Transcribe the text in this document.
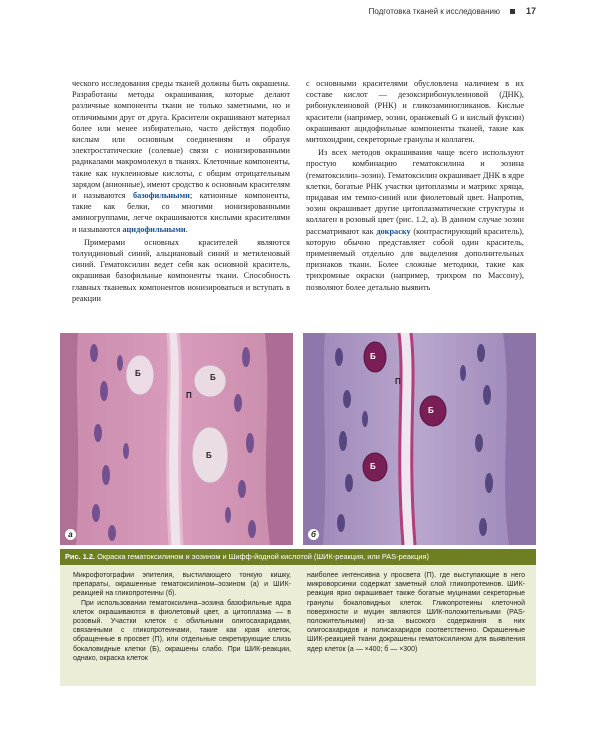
Подготовка тканей к исследованию	17

ческого исследования среды тканей должны быть окрашены. Разработаны методы окрашивания, которые делают различные компоненты ткани не только заметными, но и отличимыми друг от друга. Красители окрашивают материал более или менее избирательно, часто действуя подобно кислым или основным соединениям и образуя электростатические (солевые) связи с ионизированными радикалами макромолекул в тканях. Клеточные компоненты, такие как нуклеиновые кислоты, с общим отрицательным зарядом (анионные), имеют сродство к основным красителям и называются базофильными; катионные компоненты, такие как белки, со многими ионизированными аминогруппами, легче окрашиваются кислыми красителями и называются ацидофильными.

Примерами основных красителей являются толуидиновый синий, альциановый синий и метиленовый синий. Гематоксилин ведет себя как основной краситель, окрашивая базофильные компоненты ткани. Способность главных тканевых компонентов ионизироваться и вступать в реакции

с основными красителями обусловлена наличием в их составе кислот — дезоксирибонуклеиновой (ДНК), рибонуклеиновой (РНК) и гликозаминогликанов. Кислые красители (например, эозин, оранжевый G и кислый фуксин) окрашивают ацидофильные компоненты тканей, такие как митохондрии, секреторные гранулы и коллаген.

Из всех методов окрашивания чаще всего используют простую комбинацию гематоксилина и эозина (гематоксилин–эозин). Гематоксилин окрашивает ДНК в ядре клетки, богатые РНК участки цитоплазмы и матрикс хряща, придавая им темно-синий или фиолетовый цвет. Напротив, эозин окрашивает другие цитоплазматические структуры и коллаген в розовый цвет (рис. 1.2, а). В данном случае эозин рассматривают как докраску (контрастирующий краситель), которую обычно представляет собой один краситель, применяемый отдельно для выделения дополнительных признаков ткани. Более сложные методики, такие как трихромные окраски (например, трихром по Массону), позволяют более детально выявить

Б	Б
Б
П
а
Б
Б
Б
П
б
Рис. 1.2. Окраска гематоксилином и эозином и Шифф-йодной кислотой (ШИК-реакция, или PAS-реакция)

Микрофотографии эпителия, выстилающего тонкую кишку, препараты, окрашенные гематоксилином–эозином (а) и ШИК-реакцией на гликопротеины (б).

При использовании гематоксилина–эозина базофильные ядра клеток окрашиваются в фиолетовый цвет, а цитоплазма — в розовый. Участки клеток с обильными олигосахаридами, связанными с гликопротеинами, такие как края клеток, обращенные в просвет (П), или отдельные секретирующие слизь бокаловидные клетки (Б), окрашены слабо. При ШИК-реакции, однако, окраска клеток

наиболее интенсивна у просвета (П), где выступающие в него микроворсинки содержат заметный слой гликопротеинов. ШИК-реакция ярко окрашивает также богатые муцинами секреторные гранулы бокаловидных клеток. Гликопротеины клеточной поверхности и муцин являются ШИК-положительными (PAS-положительными) из-за высокого содержания в них олигосахаридов и полисахаридов соответственно. Окрашенные ШИК-реакцией ткани докрашены гематоксилином для выявления ядер клеток (а — ×400; б — ×300)
